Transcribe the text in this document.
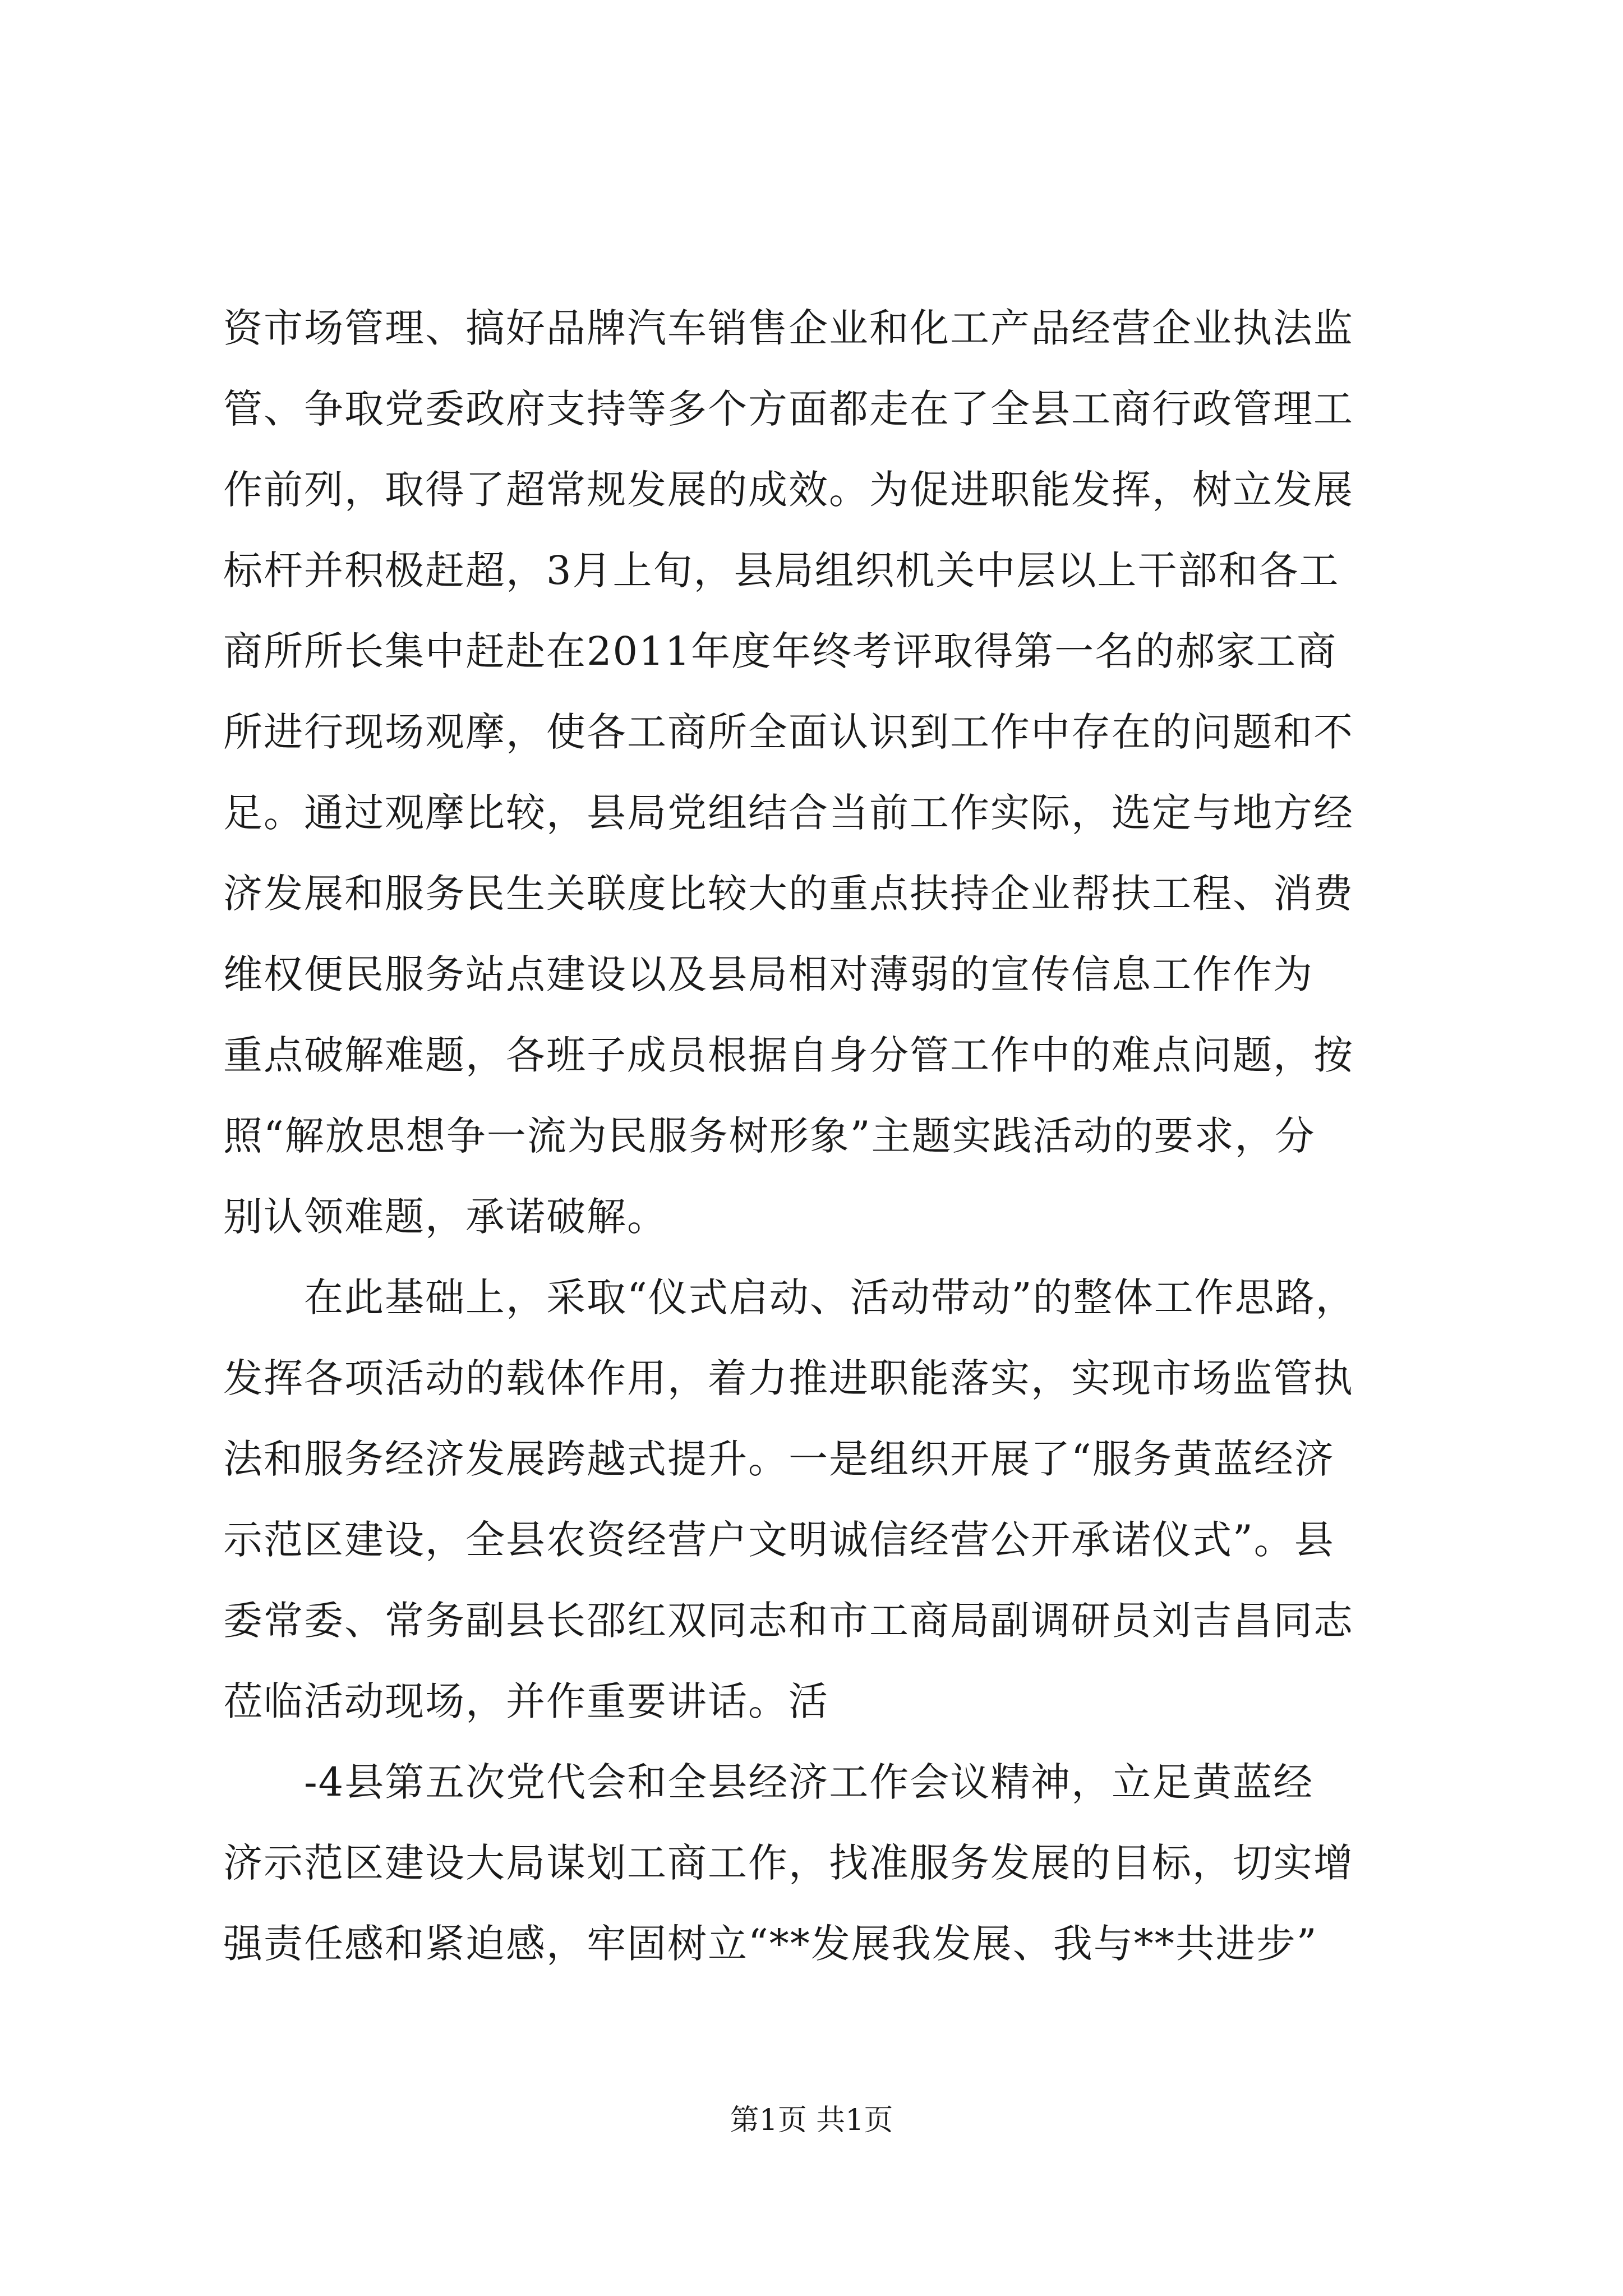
资市场管理、搞好品牌汽车销售企业和化工产品经营企业执法监
管、争取党委政府支持等多个方面都走在了全县工商行政管理工
作前列，取得了超常规发展的成效。为促进职能发挥，树立发展
标杆并积极赶超，3月上旬，县局组织机关中层以上干部和各工
商所所长集中赶赴在2011年度年终考评取得第一名的郝家工商
所进行现场观摩，使各工商所全面认识到工作中存在的问题和不
足。通过观摩比较，县局党组结合当前工作实际，选定与地方经
济发展和服务民生关联度比较大的重点扶持企业帮扶工程、消费
维权便民服务站点建设以及县局相对薄弱的宣传信息工作作为
重点破解难题，各班子成员根据自身分管工作中的难点问题，按
照“解放思想争一流为民服务树形象”主题实践活动的要求，分
别认领难题，承诺破解。
在此基础上，采取“仪式启动、活动带动”的整体工作思路，
发挥各项活动的载体作用，着力推进职能落实，实现市场监管执
法和服务经济发展跨越式提升。一是组织开展了“服务黄蓝经济
示范区建设，全县农资经营户文明诚信经营公开承诺仪式”。县
委常委、常务副县长邵红双同志和市工商局副调研员刘吉昌同志
莅临活动现场，并作重要讲话。活
-4县第五次党代会和全县经济工作会议精神，立足黄蓝经
济示范区建设大局谋划工商工作，找准服务发展的目标，切实增
强责任感和紧迫感，牢固树立“**发展我发展、我与**共进步”
第1页 共1页
